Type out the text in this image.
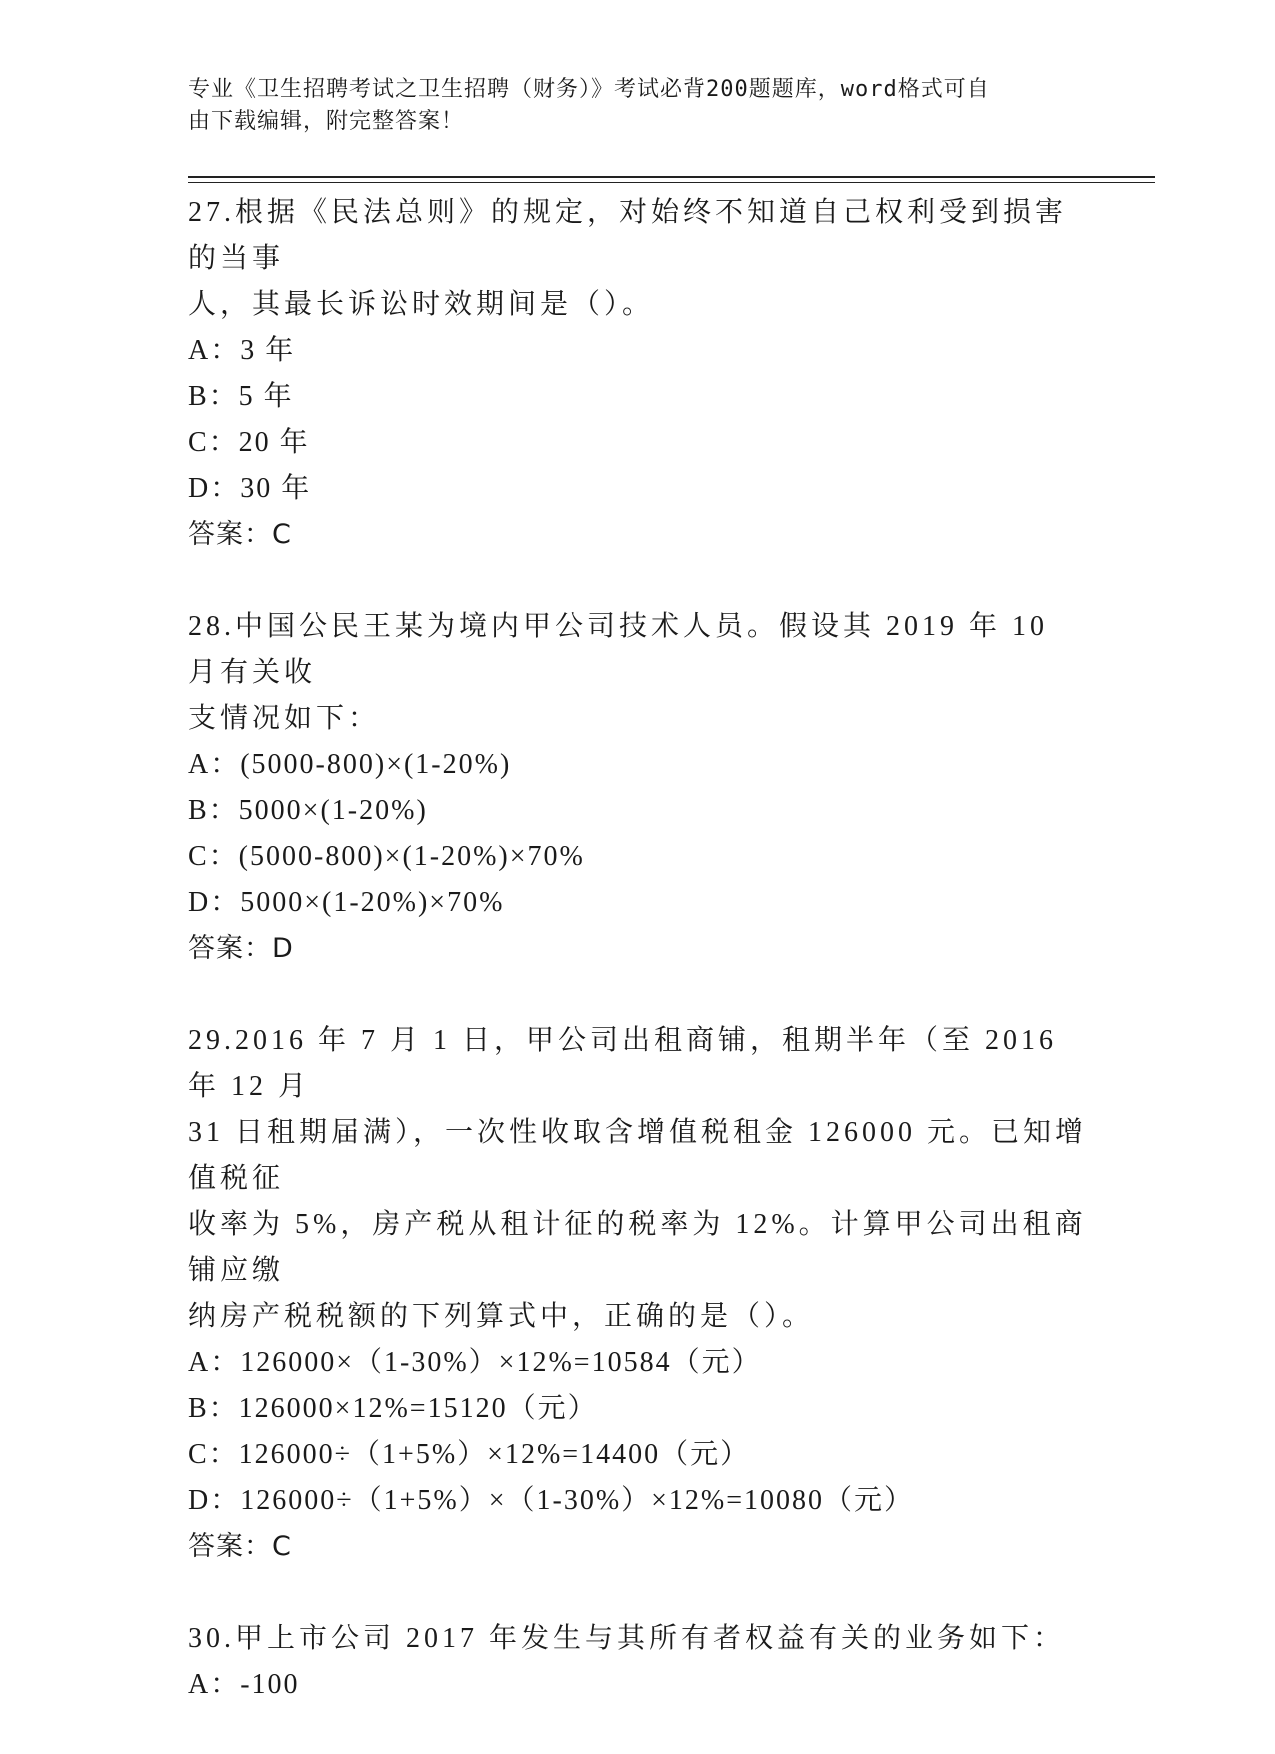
专业《卫生招聘考试之卫生招聘（财务）》考试必背200题题库，word格式可自
由下载编辑，附完整答案！

27.根据《民法总则》的规定，对始终不知道自己权利受到损害的当事

人，其最长诉讼时效期间是（）。

A：3 年

B：5 年

C：20 年

D：30 年

答案：C

28.中国公民王某为境内甲公司技术人员。假设其 2019 年 10 月有关收

支情况如下：

A：(5000-800)×(1-20%)

B：5000×(1-20%)

C：(5000-800)×(1-20%)×70%

D：5000×(1-20%)×70%

答案：D

29.2016 年 7 月 1 日，甲公司出租商铺，租期半年（至 2016 年 12 月

31 日租期届满），一次性收取含增值税租金 126000 元。已知增值税征

收率为 5%，房产税从租计征的税率为 12%。计算甲公司出租商铺应缴

纳房产税税额的下列算式中，正确的是（）。

A：126000×（1-30%）×12%=10584（元）

B：126000×12%=15120（元）

C：126000÷（1+5%）×12%=14400（元）

D：126000÷（1+5%）×（1-30%）×12%=10080（元）

答案：C

30.甲上市公司 2017 年发生与其所有者权益有关的业务如下：

A：-100
